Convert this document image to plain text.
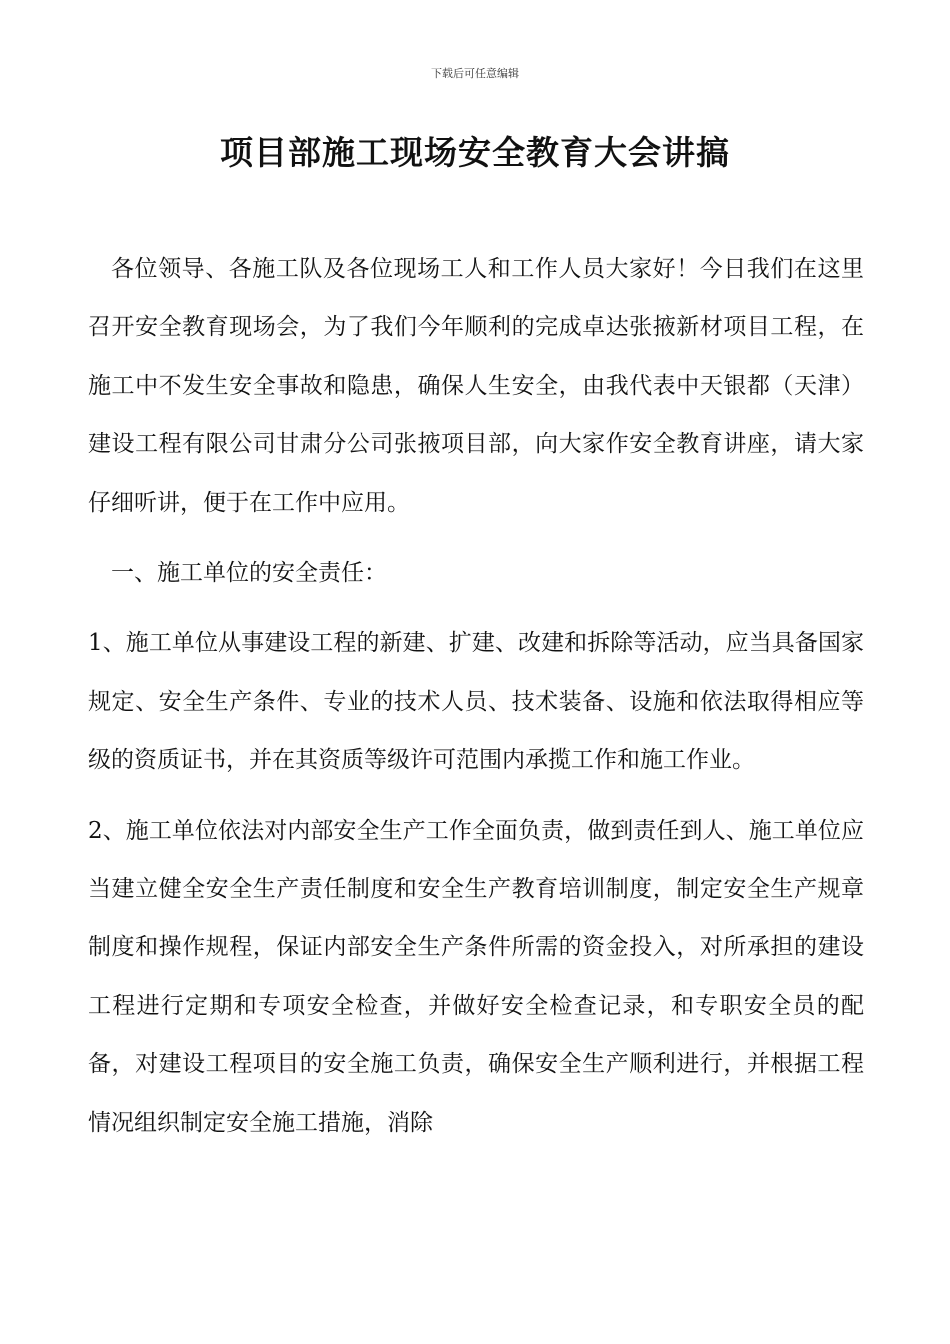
下载后可任意编辑
项目部施工现场安全教育大会讲搞

各位领导、各施工队及各位现场工人和工作人员大家好！今日我们在这里召开安全教育现场会，为了我们今年顺利的完成卓达张掖新材项目工程，在施工中不发生安全事故和隐患，确保人生安全，由我代表中天银都（天津）建设工程有限公司甘肃分公司张掖项目部，向大家作安全教育讲座，请大家仔细听讲，便于在工作中应用。

一、施工单位的安全责任：

1、施工单位从事建设工程的新建、扩建、改建和拆除等活动，应当具备国家规定、安全生产条件、专业的技术人员、技术装备、设施和依法取得相应等级的资质证书，并在其资质等级许可范围内承揽工作和施工作业。

2、施工单位依法对内部安全生产工作全面负责，做到责任到人、施工单位应当建立健全安全生产责任制度和安全生产教育培训制度，制定安全生产规章制度和操作规程，保证内部安全生产条件所需的资金投入，对所承担的建设工程进行定期和专项安全检查，并做好安全检查记录，和专职安全员的配备，对建设工程项目的安全施工负责，确保安全生产顺利进行，并根据工程情况组织制定安全施工措施，消除
